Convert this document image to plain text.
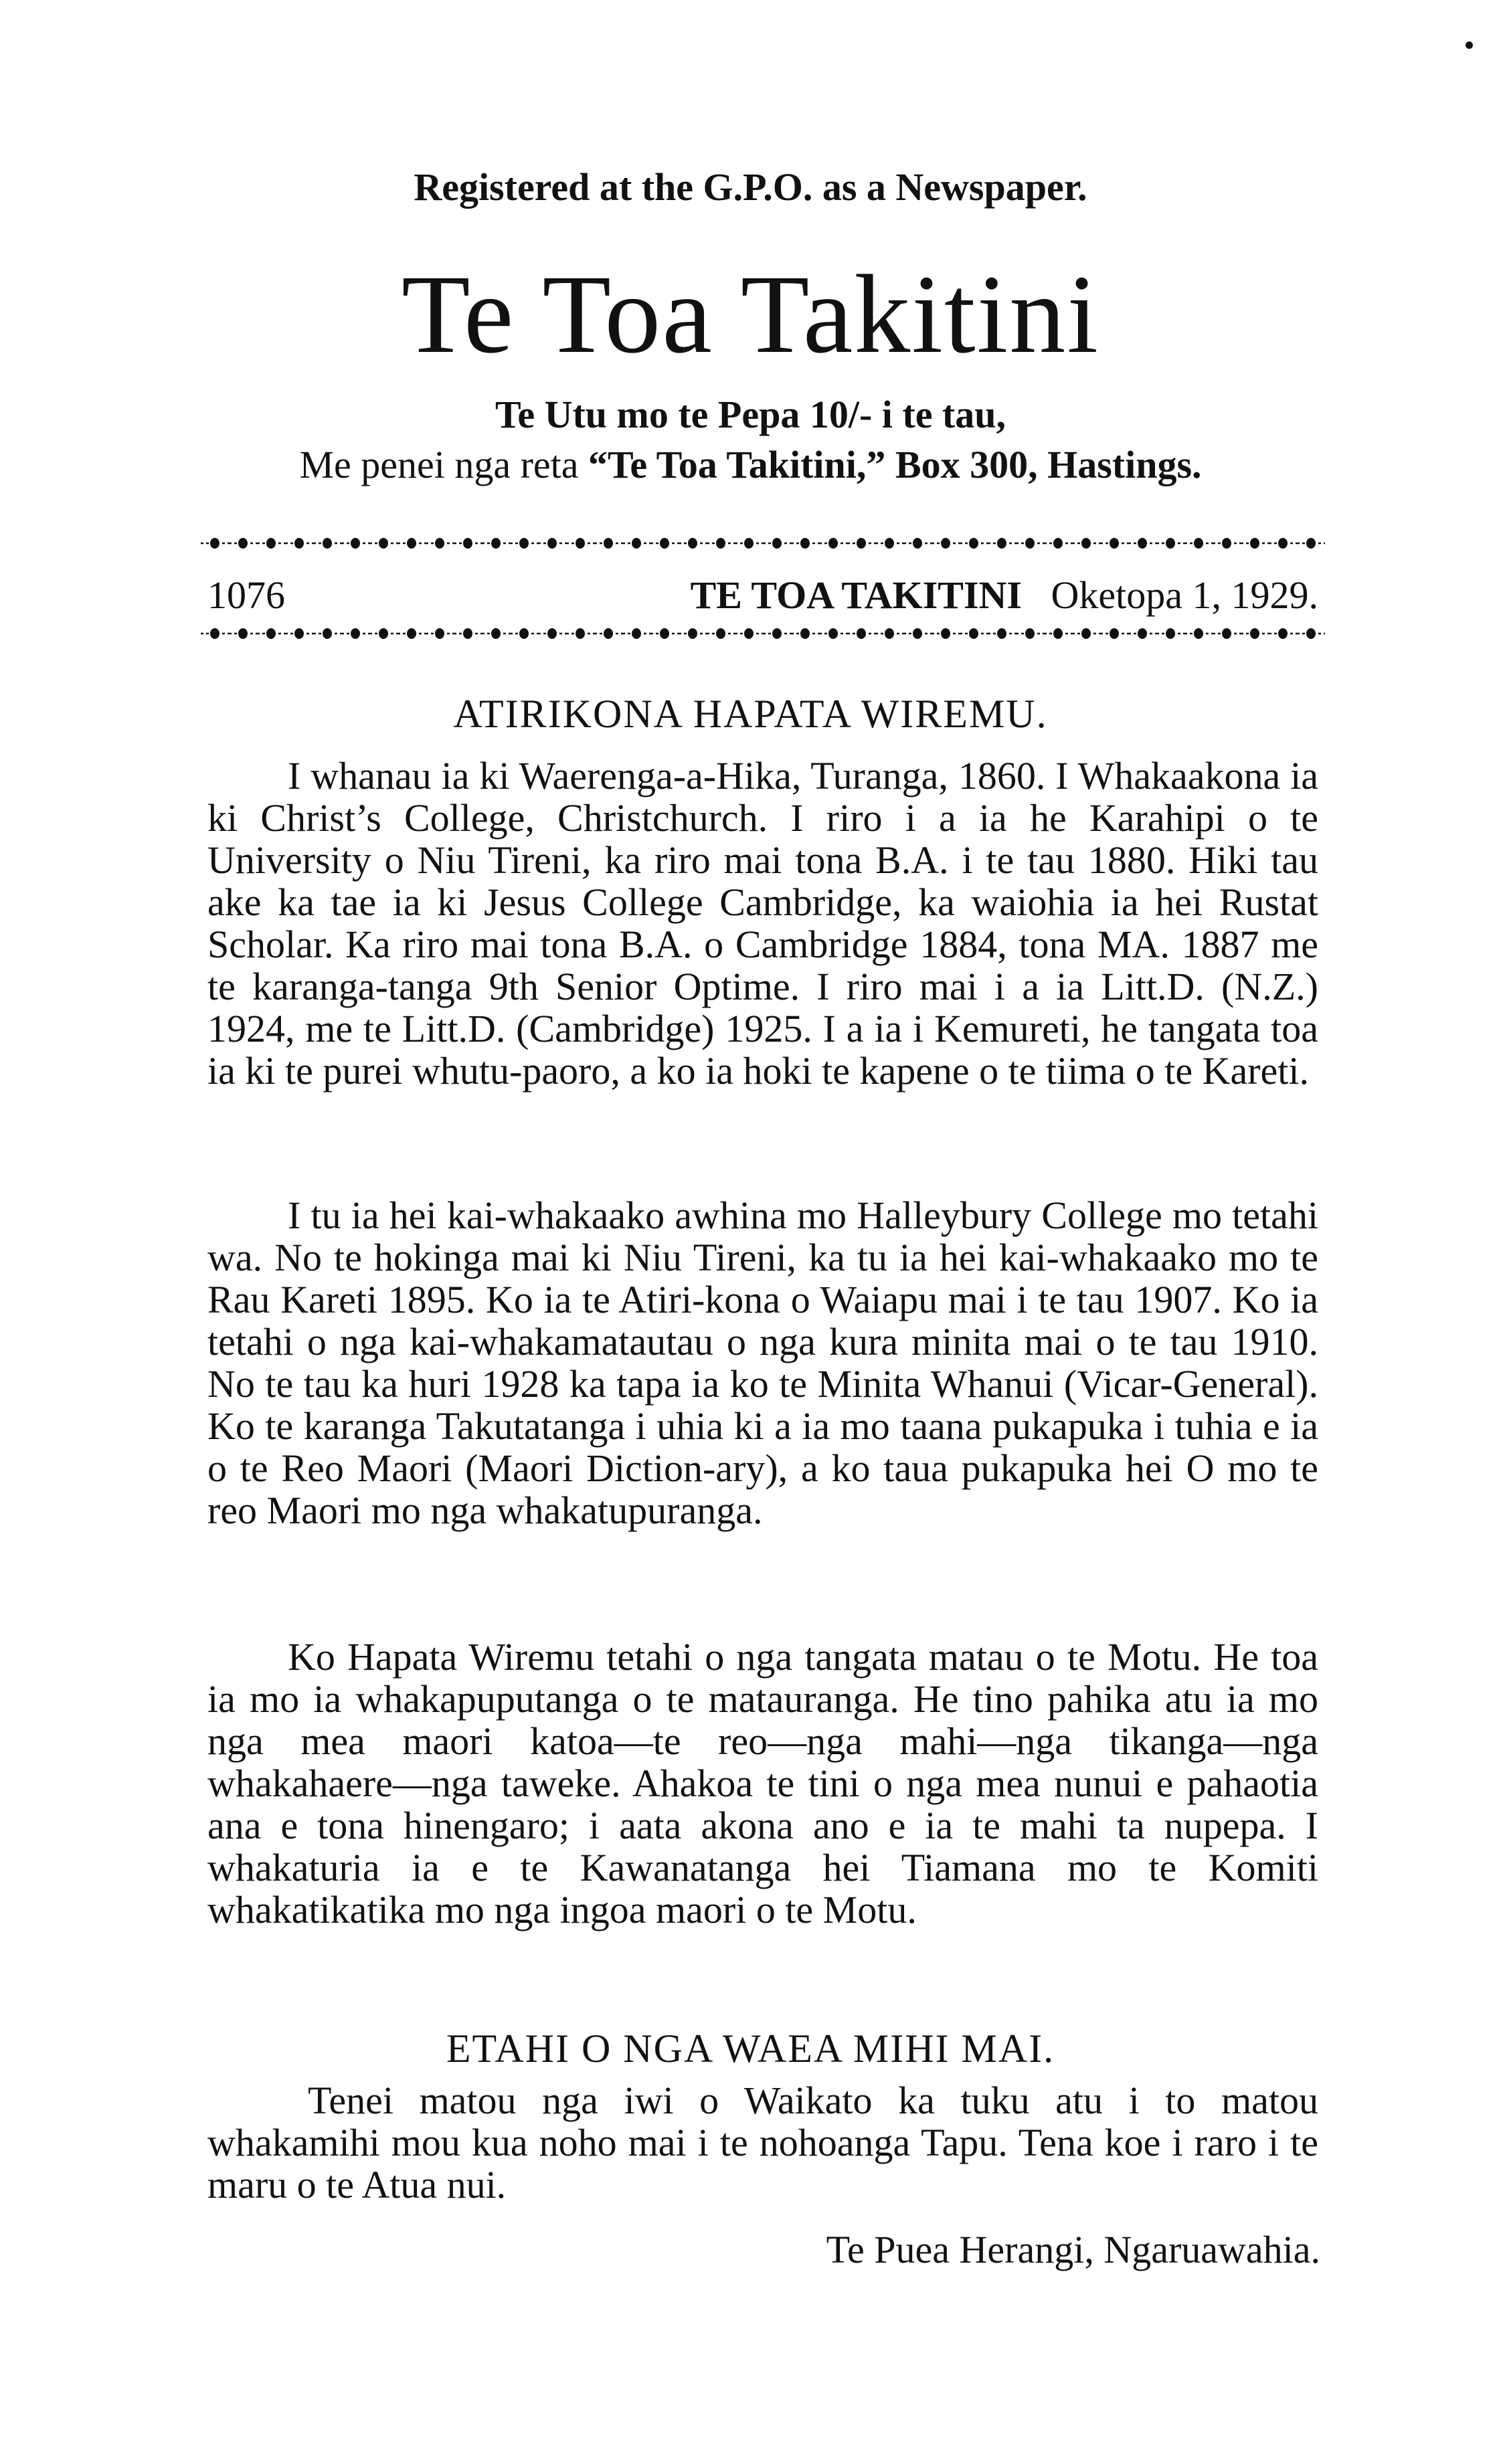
Registered at the G.P.O. as a Newspaper.
Te Toa Takitini
Te Utu mo te Pepa 10/- i te tau,
Me penei nga reta “Te Toa Takitini,” Box 300, Hastings.
1076	TE TOA TAKITINI Oketopa 1, 1929.
ATIRIKONA HAPATA WIREMU.

I whanau ia ki Waerenga-a-Hika, Turanga, 1860. I Whakaakona ia ki Christ’s College, Christchurch. I riro i a ia he Karahipi o te University o Niu Tireni, ka riro mai tona B.A. i te tau 1880. Hiki tau ake ka tae ia ki Jesus College Cambridge, ka waiohia ia hei Rustat Scholar. Ka riro mai tona B.A. o Cambridge 1884, tona MA. 1887 me te karanga-tanga 9th Senior Optime. I riro mai i a ia Litt.D. (N.Z.) 1924, me te Litt.D. (Cambridge) 1925. I a ia i Kemureti, he tangata toa ia ki te purei whutu-paoro, a ko ia hoki te kapene o te tiima o te Kareti.

I tu ia hei kai-whakaako awhina mo Halleybury College mo tetahi wa. No te hokinga mai ki Niu Tireni, ka tu ia hei kai-whakaako mo te Rau Kareti 1895. Ko ia te Atiri-kona o Waiapu mai i te tau 1907. Ko ia tetahi o nga kai-whakamatautau o nga kura minita mai o te tau 1910. No te tau ka huri 1928 ka tapa ia ko te Minita Whanui (Vicar-General). Ko te karanga Takutatanga i uhia ki a ia mo taana pukapuka i tuhia e ia o te Reo Maori (Maori Diction-ary), a ko taua pukapuka hei O mo te reo Maori mo nga whakatupuranga.

Ko Hapata Wiremu tetahi o nga tangata matau o te Motu. He toa ia mo ia whakapuputanga o te matauranga. He tino pahika atu ia mo nga mea maori katoa—te reo—nga mahi—nga tikanga—nga whakahaere—nga taweke. Ahakoa te tini o nga mea nunui e pahaotia ana e tona hinengaro; i aata akona ano e ia te mahi ta nupepa. I whakaturia ia e te Kawanatanga hei Tiamana mo te Komiti whakatikatika mo nga ingoa maori o te Motu.

ETAHI O NGA WAEA MIHI MAI.

Tenei matou nga iwi o Waikato ka tuku atu i to matou whakamihi mou kua noho mai i te nohoanga Tapu. Tena koe i raro i te maru o te Atua nui.

Te Puea Herangi, Ngaruawahia.
